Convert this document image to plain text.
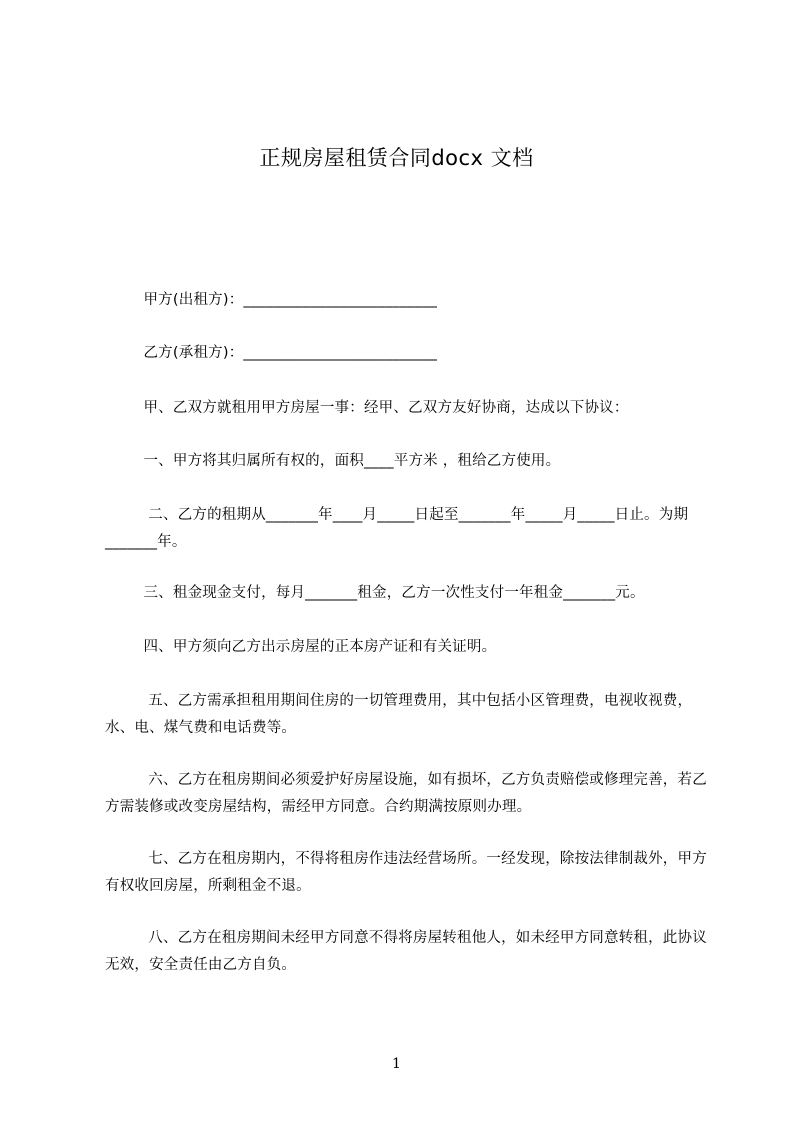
正规房屋租赁合同docx 文档
甲方(出租方)：__________________________
乙方(承租方)：__________________________
甲、乙双方就租用甲方房屋一事：经甲、乙双方友好协商，达成以下协议：
一、甲方将其归属所有权的，面积____平方米 ，租给乙方使用。
二、乙方的租期从_______年____月_____日起至_______年_____月_____日止。为期_______年。
三、租金现金支付，每月_______租金，乙方一次性支付一年租金_______元。
四、甲方须向乙方出示房屋的正本房产证和有关证明。
五、乙方需承担租用期间住房的一切管理费用，其中包括小区管理费，电视收视费，水、电、煤气费和电话费等。
六、乙方在租房期间必须爱护好房屋设施，如有损坏，乙方负责赔偿或修理完善，若乙方需装修或改变房屋结构，需经甲方同意。合约期满按原则办理。
七、乙方在租房期内，不得将租房作违法经营场所。一经发现，除按法律制裁外，甲方有权收回房屋，所剩租金不退。
八、乙方在租房期间未经甲方同意不得将房屋转租他人，如未经甲方同意转租，此协议无效，安全责任由乙方自负。
1
